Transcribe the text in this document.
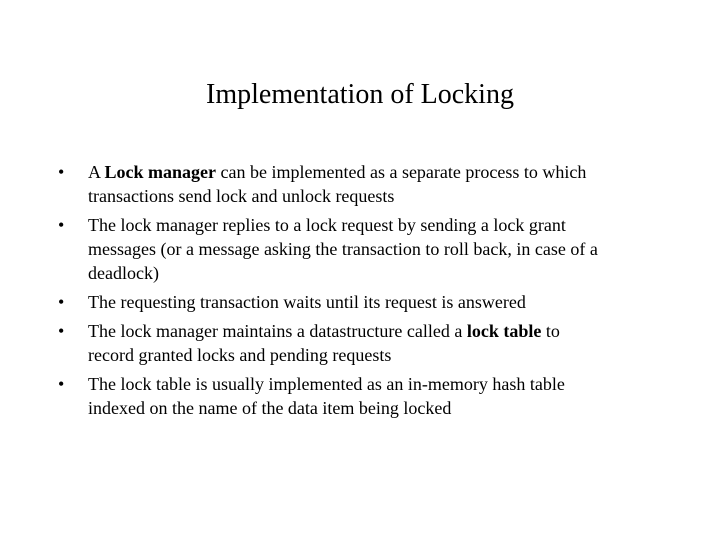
Implementation of Locking
• A Lock manager can be implemented as a separate process to which
transactions send lock and unlock requests
• The lock manager replies to a lock request by sending a lock grant
messages (or a message asking the transaction to roll back, in case of a
deadlock)
• The requesting transaction waits until its request is answered
• The lock manager maintains a datastructure called a lock table to
record granted locks and pending requests
• The lock table is usually implemented as an in-memory hash table
indexed on the name of the data item being locked
